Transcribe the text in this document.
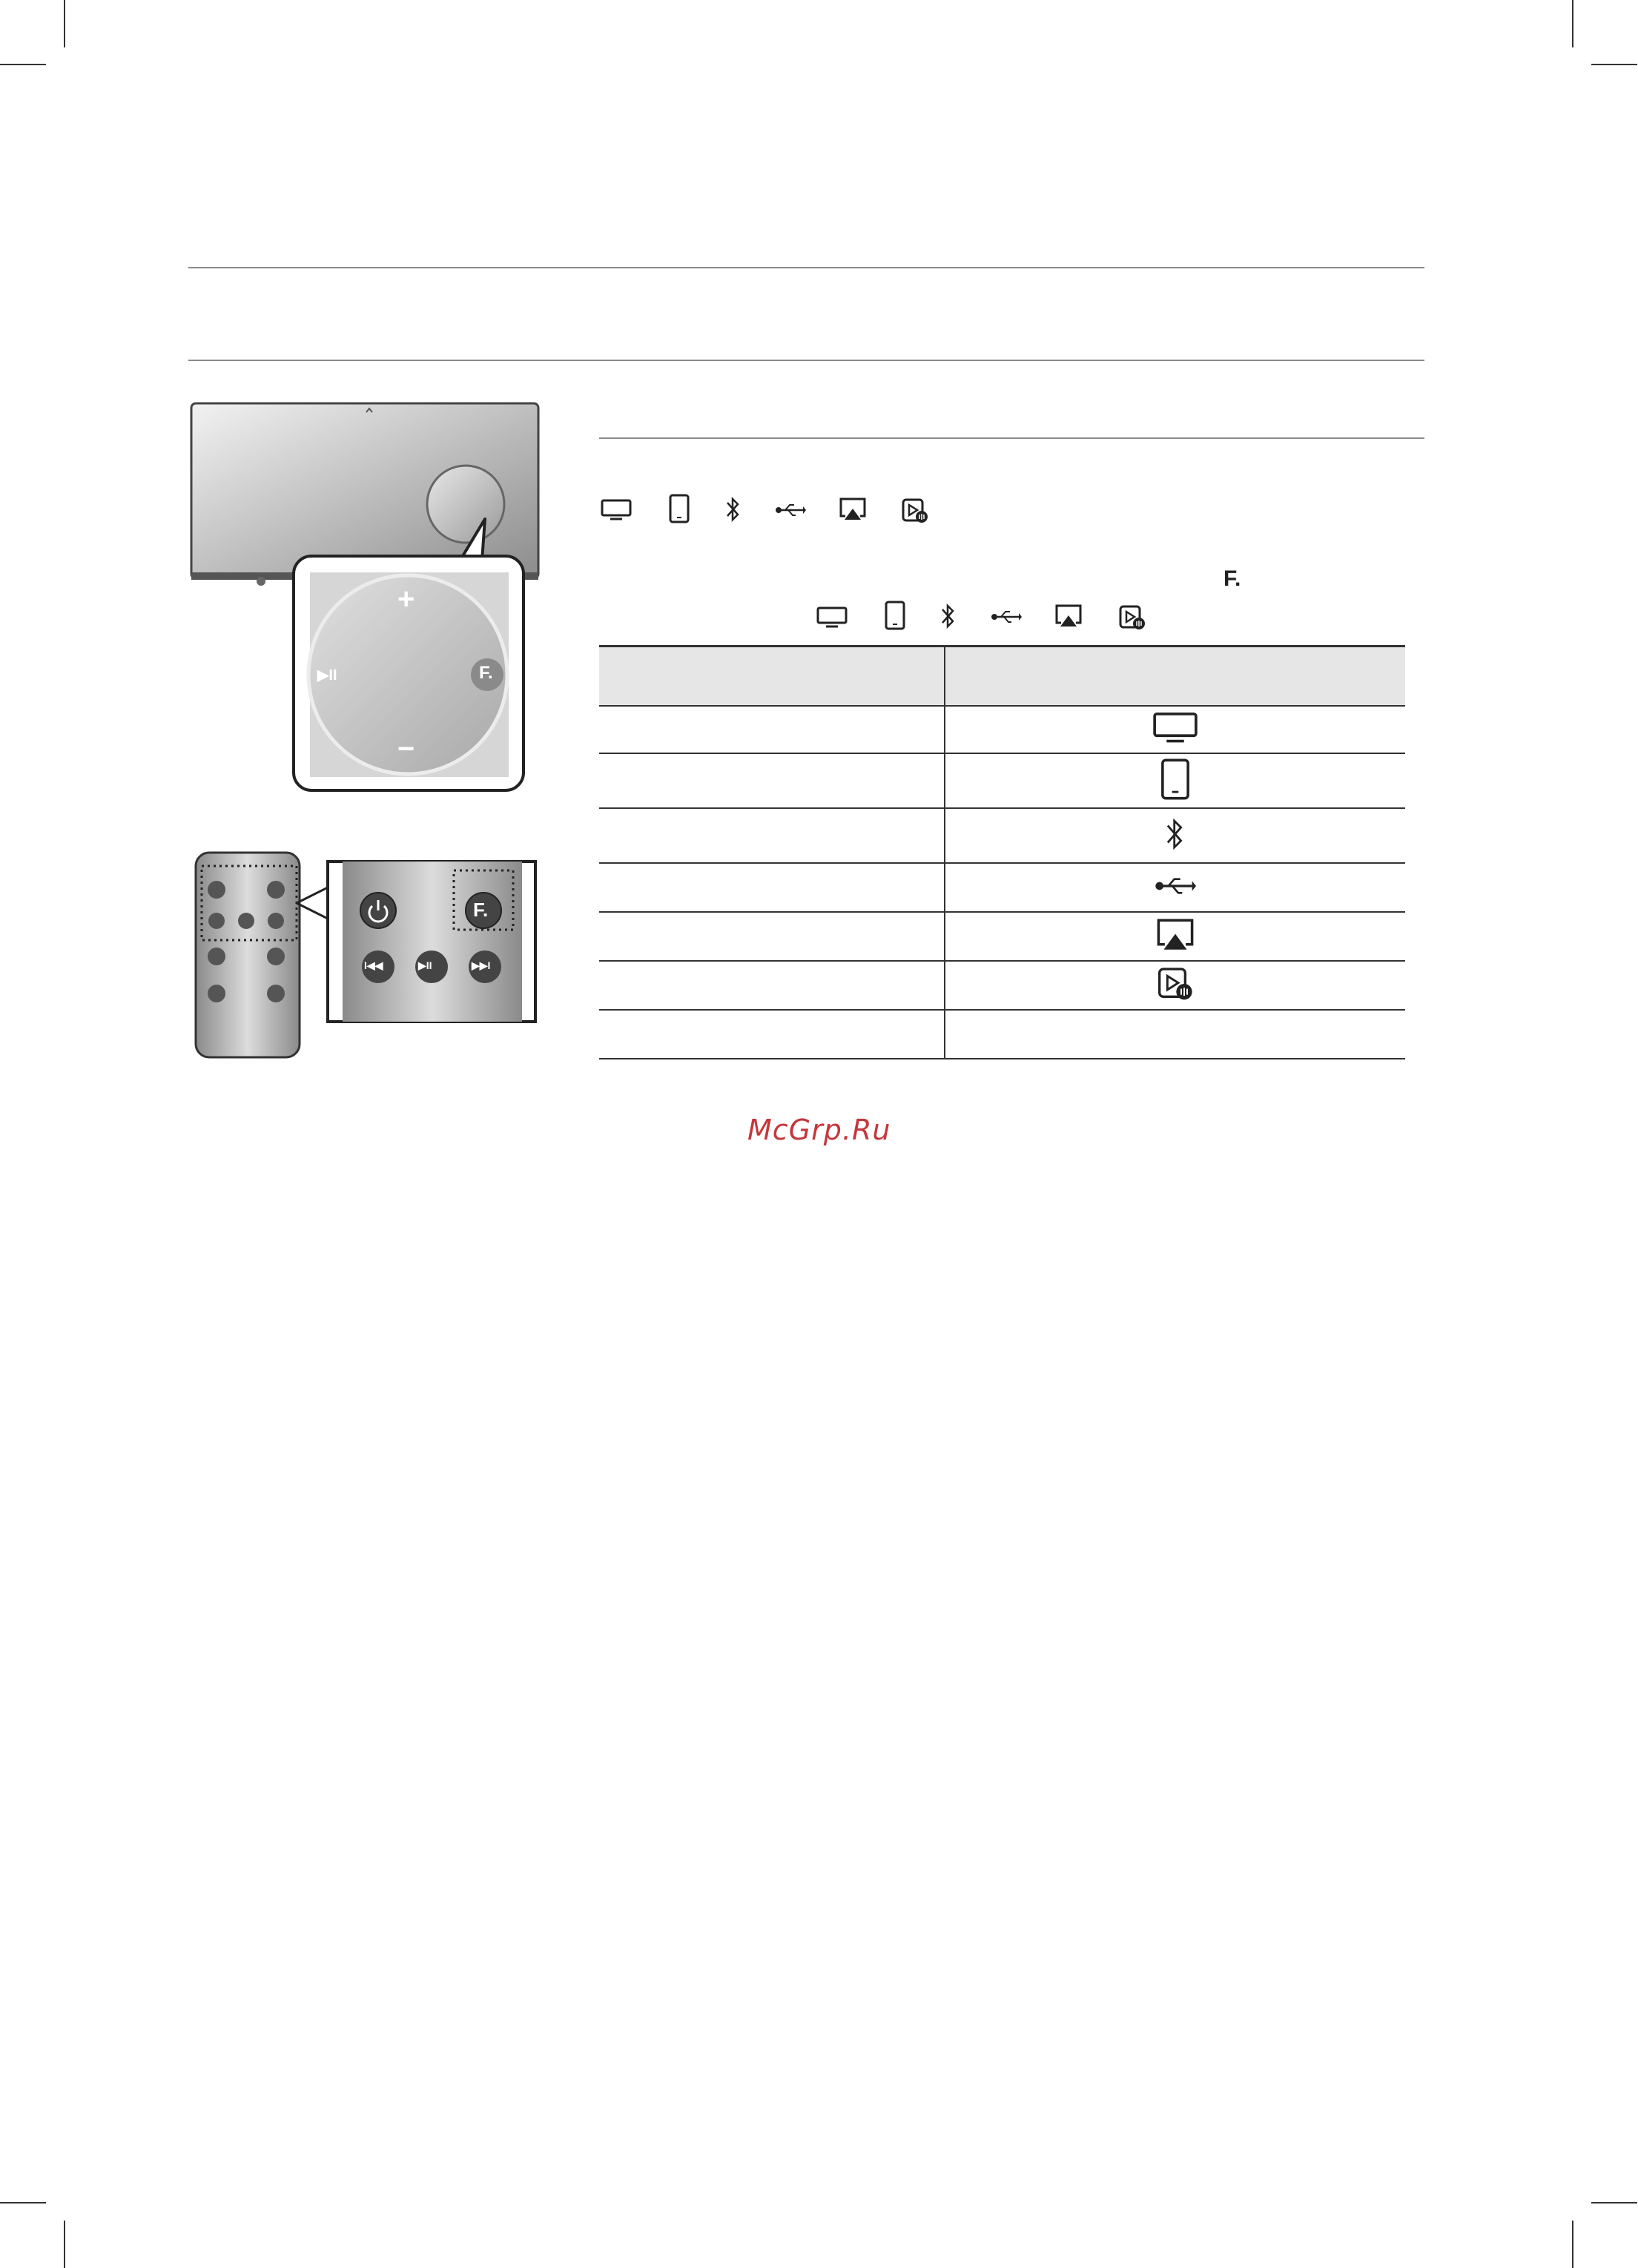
+
−
▶II	F.
F.
I◀◀	▶II	▶▶I
F.

McGrp.Ru
